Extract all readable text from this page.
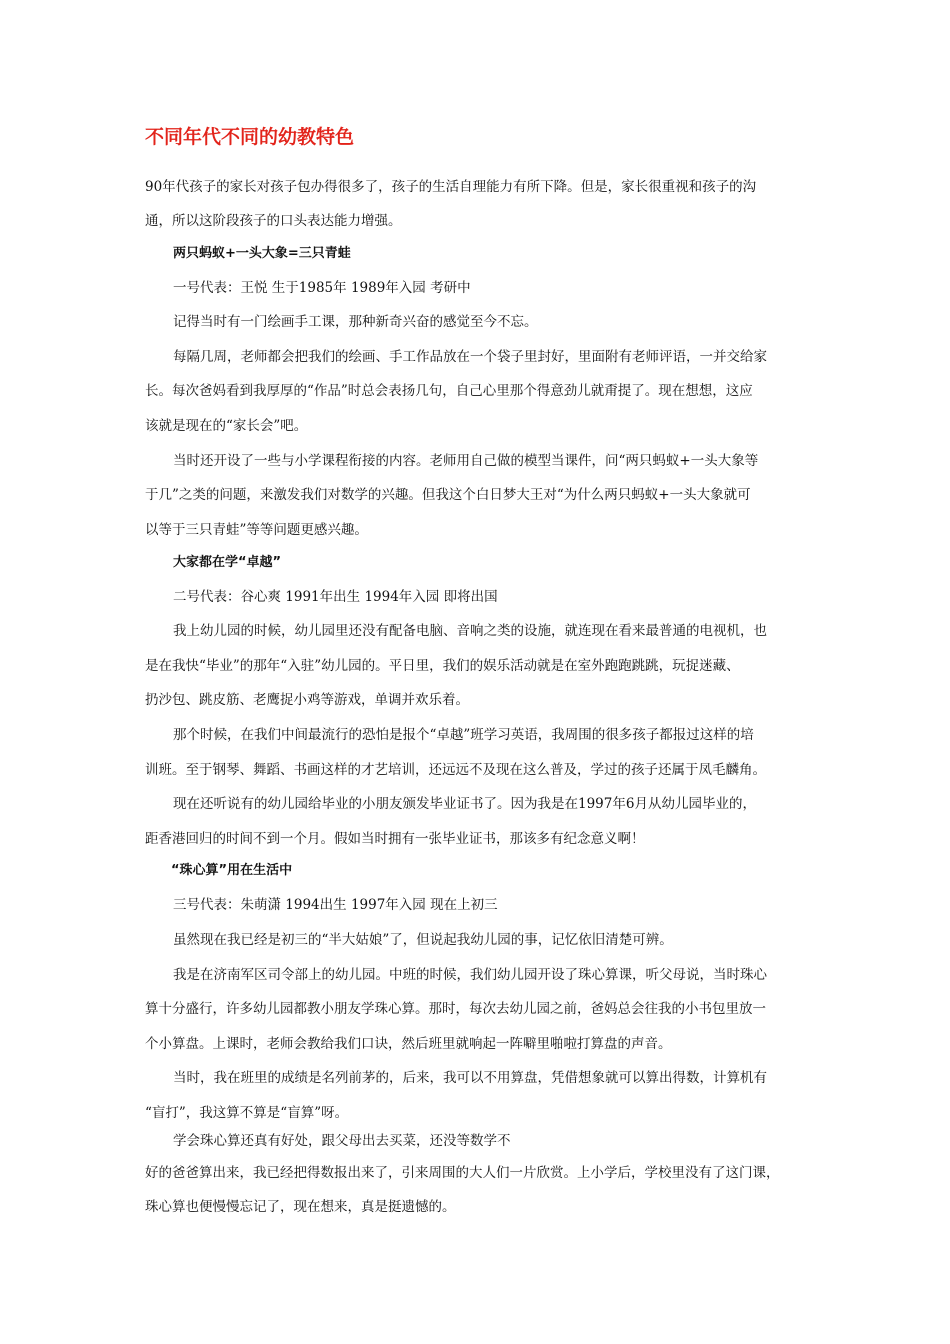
不同年代不同的幼教特色
90年代孩子的家长对孩子包办得很多了，孩子的生活自理能力有所下降。但是，家长很重视和孩子的沟
通，所以这阶段孩子的口头表达能力增强。
两只蚂蚁+一头大象=三只青蛙
一号代表：王悦 生于1985年 1989年入园 考研中
记得当时有一门绘画手工课，那种新奇兴奋的感觉至今不忘。
每隔几周，老师都会把我们的绘画、手工作品放在一个袋子里封好，里面附有老师评语，一并交给家
长。每次爸妈看到我厚厚的“作品”时总会表扬几句，自己心里那个得意劲儿就甭提了。现在想想，这应
该就是现在的“家长会”吧。
当时还开设了一些与小学课程衔接的内容。老师用自己做的模型当课件，问“两只蚂蚁+一头大象等
于几”之类的问题，来激发我们对数学的兴趣。但我这个白日梦大王对“为什么两只蚂蚁+一头大象就可
以等于三只青蛙”等等问题更感兴趣。
大家都在学“卓越”
二号代表：谷心爽 1991年出生 1994年入园 即将出国
我上幼儿园的时候，幼儿园里还没有配备电脑、音响之类的设施，就连现在看来最普通的电视机，也
是在我快“毕业”的那年“入驻”幼儿园的。平日里，我们的娱乐活动就是在室外跑跑跳跳，玩捉迷藏、
扔沙包、跳皮筋、老鹰捉小鸡等游戏，单调并欢乐着。
那个时候，在我们中间最流行的恐怕是报个“卓越”班学习英语，我周围的很多孩子都报过这样的培
训班。至于钢琴、舞蹈、书画这样的才艺培训，还远远不及现在这么普及，学过的孩子还属于凤毛麟角。
现在还听说有的幼儿园给毕业的小朋友颁发毕业证书了。因为我是在1997年6月从幼儿园毕业的，
距香港回归的时间不到一个月。假如当时拥有一张毕业证书，那该多有纪念意义啊！
“珠心算”用在生活中
三号代表：朱萌潇 1994出生 1997年入园 现在上初三
虽然现在我已经是初三的“半大姑娘”了，但说起我幼儿园的事，记忆依旧清楚可辨。
我是在济南军区司令部上的幼儿园。中班的时候，我们幼儿园开设了珠心算课，听父母说，当时珠心
算十分盛行，许多幼儿园都教小朋友学珠心算。那时，每次去幼儿园之前，爸妈总会往我的小书包里放一
个小算盘。上课时，老师会教给我们口诀，然后班里就响起一阵噼里啪啦打算盘的声音。
当时，我在班里的成绩是名列前茅的，后来，我可以不用算盘，凭借想象就可以算出得数，计算机有
“盲打”，我这算不算是“盲算”呀。
学会珠心算还真有好处，跟父母出去买菜，还没等数学不
好的爸爸算出来，我已经把得数报出来了，引来周围的大人们一片欣赏。上小学后，学校里没有了这门课，
珠心算也便慢慢忘记了，现在想来，真是挺遗憾的。
